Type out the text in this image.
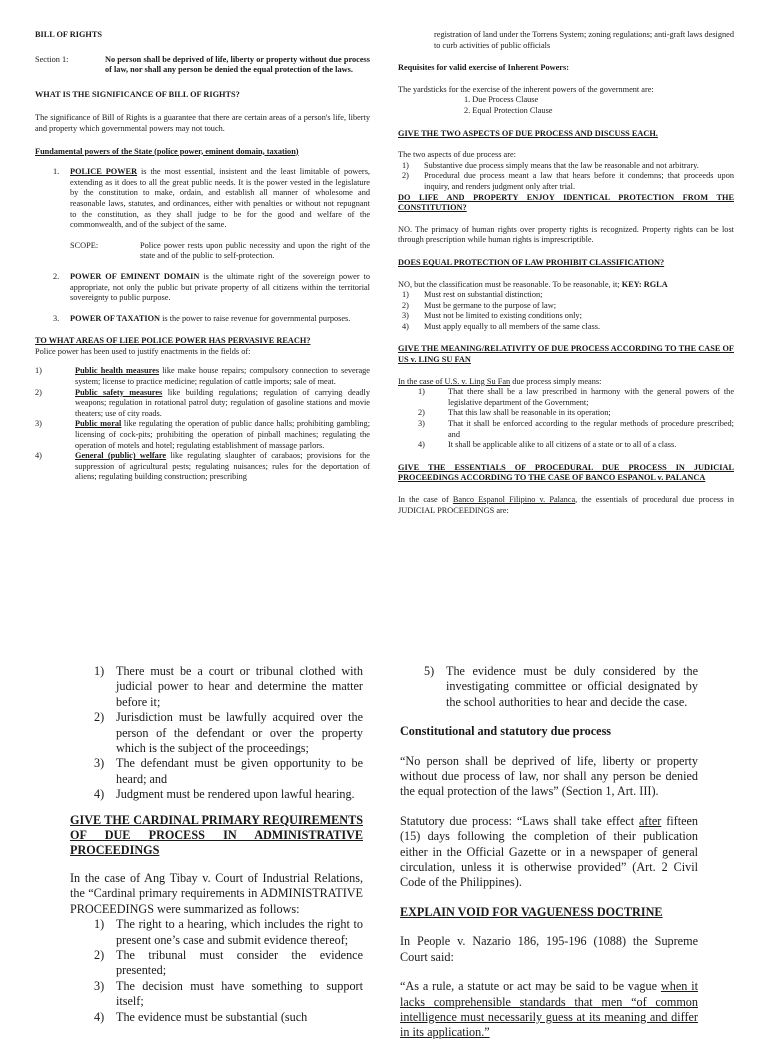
BILL OF RIGHTS

Section 1:	No person shall be deprived of life, liberty or property without due process of law, nor shall any person be denied the equal protection of the laws.

WHAT IS THE SIGNIFICANCE OF BILL OF RIGHTS?

The significance of Bill of Rights is a guarantee that there are certain areas of a person's life, liberty and property which governmental powers may not touch.

Fundamental powers of the State (police power, eminent domain, taxation)

1.	POLICE POWER is the most essential, insistent and the least limitable of powers, extending as it does to all the great public needs. It is the power vested in the legislature by the constitution to make, ordain, and establish all manner of wholesome and reasonable laws, statutes, and ordinances, either with penalties or without not repugnant to the constitution, as they shall judge to be for the good and welfare of the commonwealth, and of the subject of the same.
SCOPE:	Police power rests upon public necessity and upon the right of the state and of the public to self-protection.
2.	POWER OF EMINENT DOMAIN is the ultimate right of the sovereign power to appropriate, not only the public but private property of all citizens within the territorial sovereignty to public purpose.
3.	POWER OF TAXATION is the power to raise revenue for governmental purposes.

TO WHAT AREAS OF LIEE POLICE POWER HAS PERVASIVE REACH?

Police power has been used to justify enactments in the fields of:

1)	Public health measures like make house repairs; compulsory connection to severage system; license to practice medicine; regulation of cattle imports; sale of meat.
2)	Public safety measures like building regulations; regulation of carrying deadly weapons; regulation in rotational patrol duty; regulation of gasoline stations and movie theaters; use of city roads.
3)	Public moral like regulating the operation of public dance halls; prohibiting gambling; licensing of cock-pits; prohibiting the operation of pinball machines; regulating the operation of motels and hotel; regulating establishment of massage parlors.
4)	General (public) welfare like regulating slaughter of carabaos; provisions for the suppression of agricultural pests; regulating nuisances; rules for the deportation of aliens; regulating building construction; prescribing

registration of land under the Torrens System; zoning regulations; anti-graft laws designed to curb activities of public officials

Requisites for valid exercise of Inherent Powers:

The yardsticks for the exercise of the inherent powers of the government are:

1. Due Process Clause

2. Equal Protection Clause

GIVE THE TWO ASPECTS OF DUE PROCESS AND DISCUSS EACH.

The two aspects of due process are:

1)	Substantive due process simply means that the law be reasonable and not arbitrary.
2)	Procedural due process meant a law that hears before it condemns; that proceeds upon inquiry, and renders judgment only after trial.

DO LIFE AND PROPERTY ENJOY IDENTICAL PROTECTION FROM THE CONSTITUTION?

NO. The primacy of human rights over property rights is recognized. Property rights can be lost through prescription while human rights is imprescriptible.

DOES EQUAL PROTECTION OF LAW PROHIBIT CLASSIFICATION?

NO, but the classification must be reasonable. To be reasonable, it; KEY: RGLA

1)	Must rest on substantial distinction;
2)	Must be germane to the purpose of law;
3)	Must not be limited to existing conditions only;
4)	Must apply equally to all members of the same class.

GIVE THE MEANING/RELATIVITY OF DUE PROCESS ACCORDING TO THE CASE OF US v. LING SU FAN

In the case of U.S. v. Ling Su Fan due process simply means:

1)	That there shall be a law prescribed in harmony with the general powers of the legislative department of the Government;
2)	That this law shall be reasonable in its operation;
3)	That it shall be enforced according to the regular methods of procedure prescribed; and
4)	It shall be applicable alike to all citizens of a state or to all of a class.

GIVE THE ESSENTIALS OF PROCEDURAL DUE PROCESS IN JUDICIAL PROCEEDINGS ACCORDING TO THE CASE OF BANCO ESPANOL v. PALANCA

In the case of Banco Espanol Filipino v. Palanca, the essentials of procedural due process in JUDICIAL PROCEEDINGS are:

1) There must be a court or tribunal clothed with judicial power to hear and determine the matter before it;
2) Jurisdiction must be lawfully acquired over the person of the defendant or over the property which is the subject of the proceedings;
3) The defendant must be given opportunity to be heard; and
4) Judgment must be rendered upon lawful hearing.

GIVE THE CARDINAL PRIMARY REQUIREMENTS OF DUE PROCESS IN ADMINISTRATIVE PROCEEDINGS

In the case of Ang Tibay v. Court of Industrial Relations, the “Cardinal primary requirements in ADMINISTRATIVE PROCEEDINGS were summarized as follows:

1) The right to a hearing, which includes the right to present one’s case and submit evidence thereof;
2) The tribunal must consider the evidence presented;
3) The decision must have something to support itself;
4) The evidence must be substantial (such
5) The evidence must be duly considered by the investigating committee or official designated by the school authorities to hear and decide the case.

Constitutional and statutory due process

“No person shall be deprived of life, liberty or property without due process of law, nor shall any person be denied the equal protection of the laws” (Section 1, Art. III).

Statutory due process: “Laws shall take effect after fifteen (15) days following the completion of their publication either in the Official Gazette or in a newspaper of general circulation, unless it is otherwise provided” (Art. 2 Civil Code of the Philippines).

EXPLAIN VOID FOR VAGUENESS DOCTRINE

In People v. Nazario 186, 195-196 (1088) the Supreme Court said:

“As a rule, a statute or act may be said to be vague when it lacks comprehensible standards that men “of common intelligence must necessarily guess at its meaning and differ in its application.”
